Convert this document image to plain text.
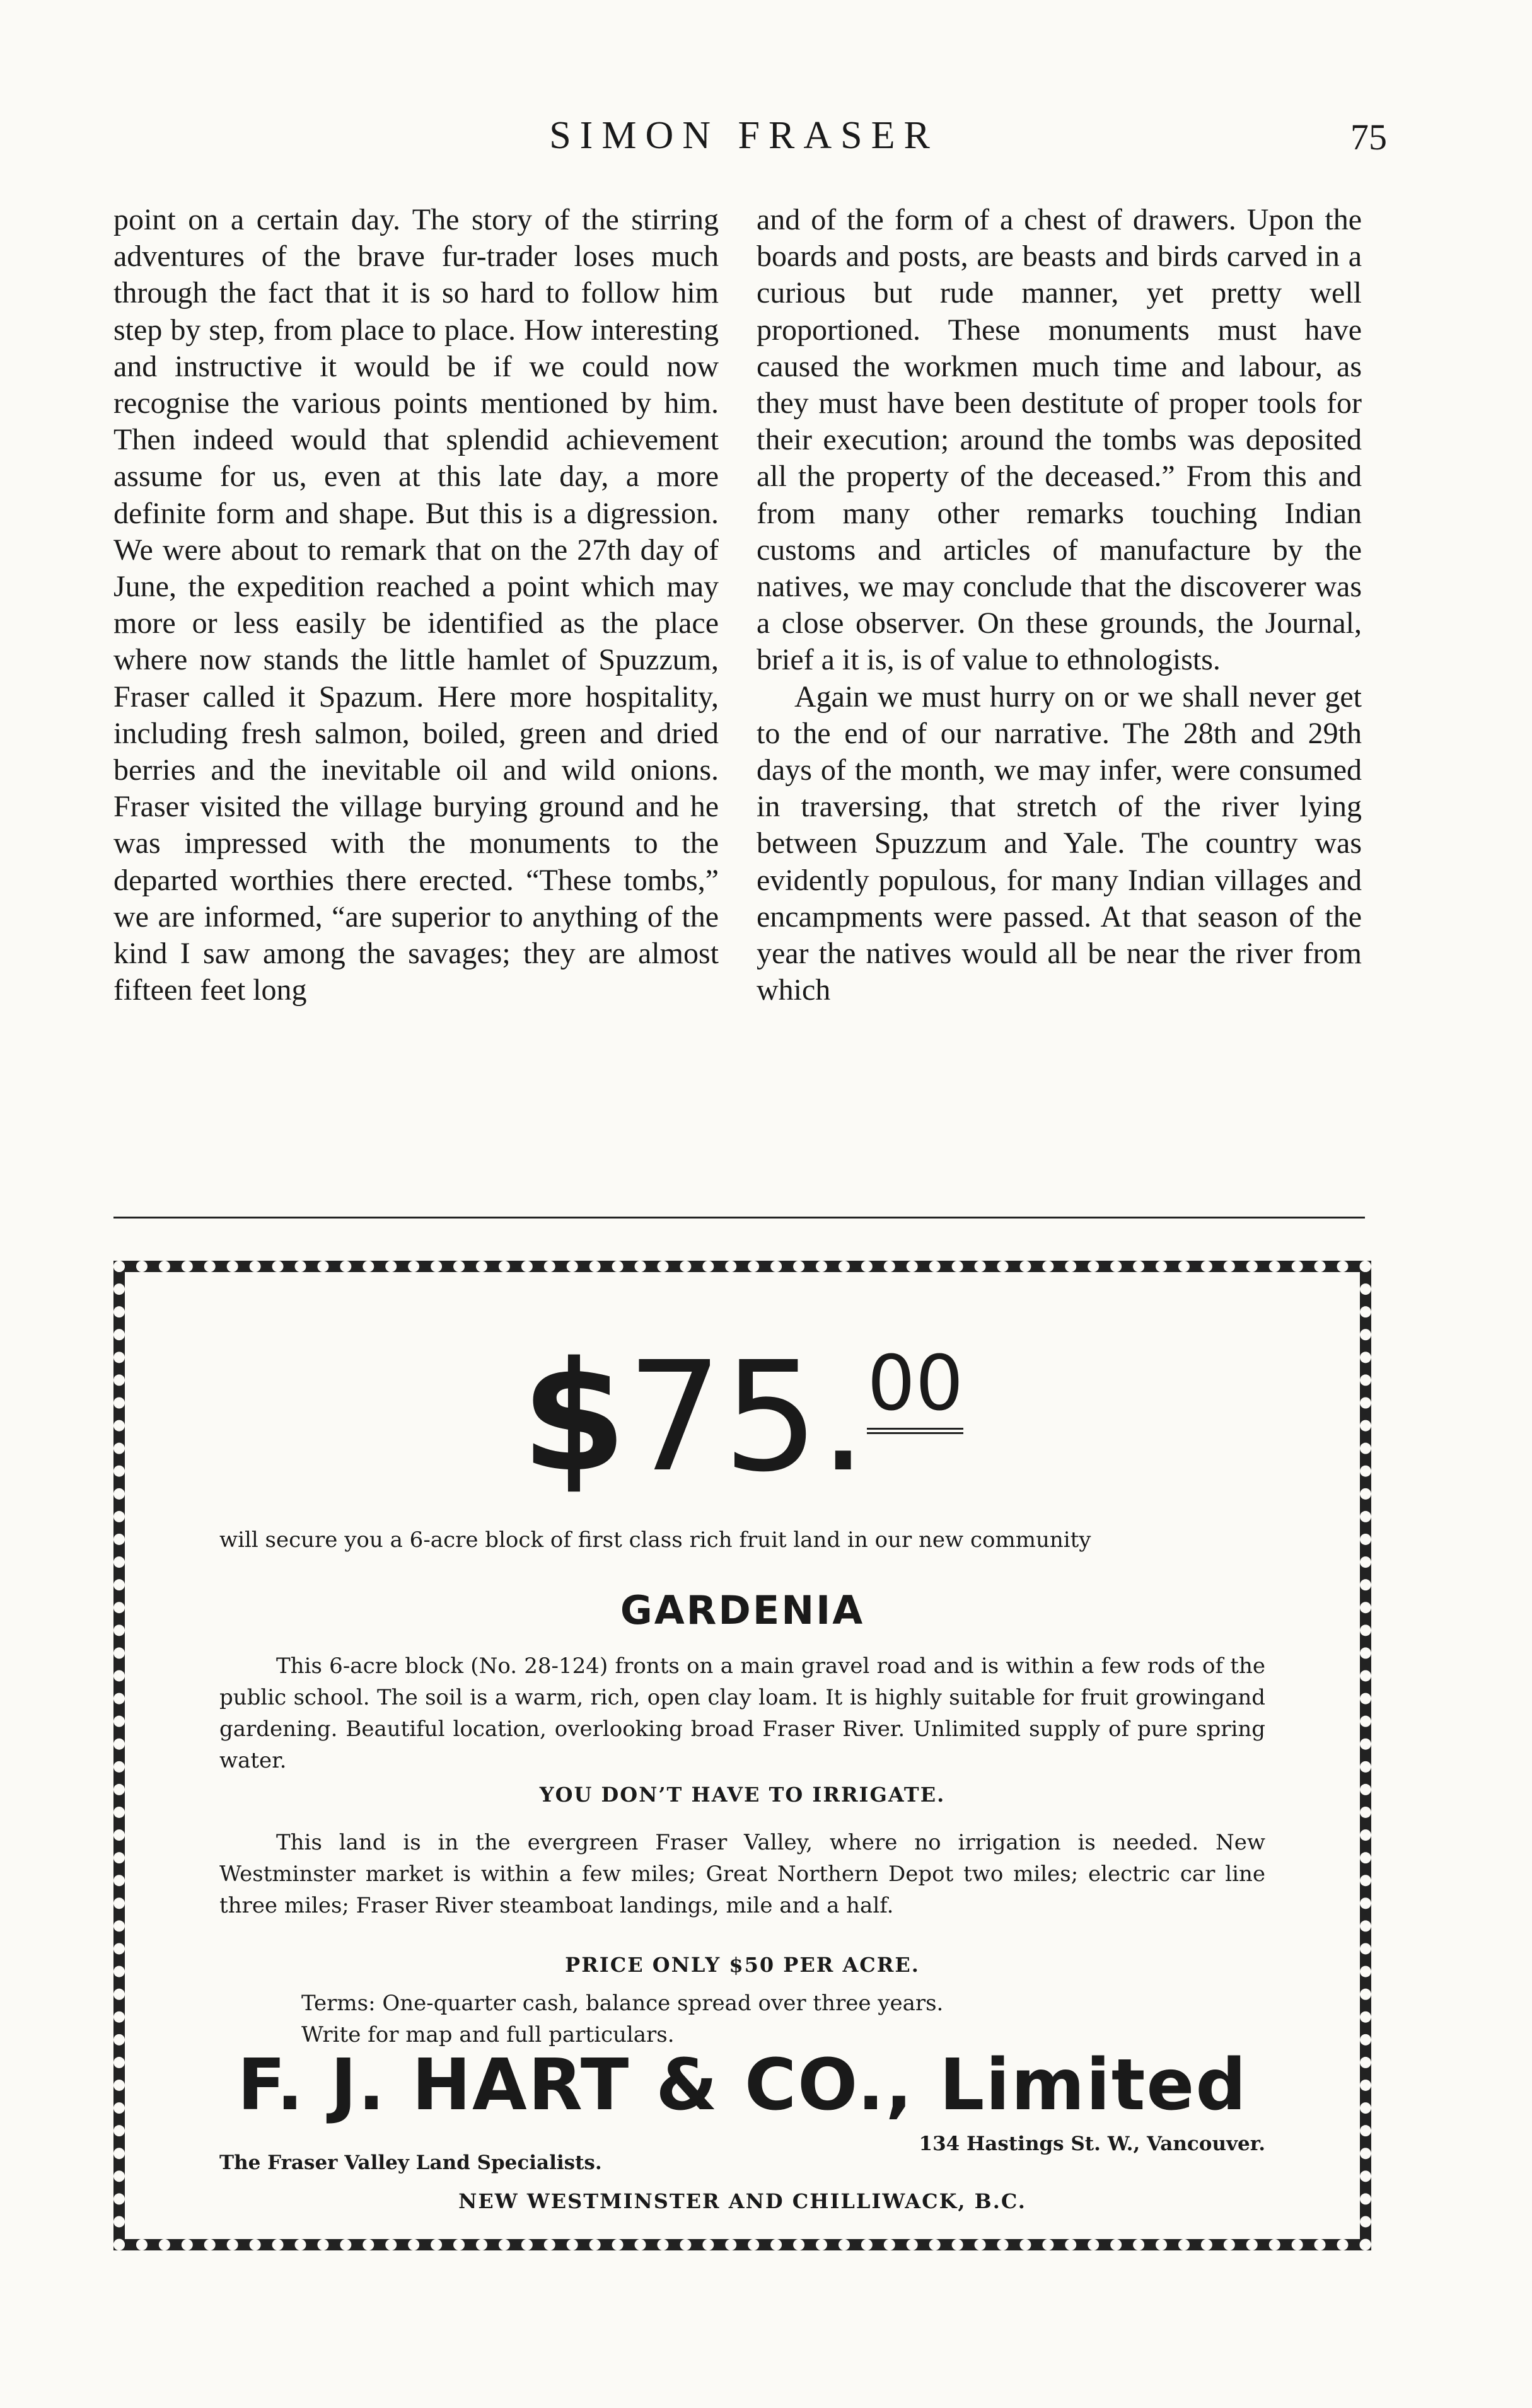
SIMON FRASER	75

point on a certain day. The story of the stirring adventures of the brave fur-trader loses much through the fact that it is so hard to follow him step by step, from place to place. How interesting and instructive it would be if we could now recognise the various points mentioned by him. Then indeed would that splendid achievement assume for us, even at this late day, a more definite form and shape. But this is a digression. We were about to remark that on the 27th day of June, the expedition reached a point which may more or less easily be identified as the place where now stands the little hamlet of Spuzzum, Fraser called it Spazum. Here more hospitality, including fresh salmon, boiled, green and dried berries and the inevitable oil and wild onions. Fraser visited the village burying ground and he was impressed with the monuments to the departed worthies there erected. “These tombs,” we are informed, “are superior to anything of the kind I saw among the savages; they are almost fifteen feet long

and of the form of a chest of drawers. Upon the boards and posts, are beasts and birds carved in a curious but rude manner, yet pretty well proportioned. These monuments must have caused the workmen much time and labour, as they must have been destitute of proper tools for their execution; around the tombs was deposited all the property of the deceased.” From this and from many other remarks touching Indian customs and articles of manufacture by the natives, we may conclude that the discoverer was a close observer. On these grounds, the Journal, brief a it is, is of value to ethnologists.

Again we must hurry on or we shall never get to the end of our narrative. The 28th and 29th days of the month, we may infer, were consumed in traversing, that stretch of the river lying between Spuzzum and Yale. The country was evidently populous, for many Indian villages and encampments were passed. At that season of the year the natives would all be near the river from which

$75.00

will secure you a 6-acre block of first class rich fruit land in our new community

GARDENIA

This 6-acre block (No. 28-124) fronts on a main gravel road and is within a few rods of the public school. The soil is a warm, rich, open clay loam. It is highly suitable for fruit growingand gardening. Beautiful location, overlooking broad Fraser River. Unlimited supply of pure spring water.

YOU DON’T HAVE TO IRRIGATE.

This land is in the evergreen Fraser Valley, where no irrigation is needed. New Westminster market is within a few miles; Great Northern Depot two miles; electric car line three miles; Fraser River steamboat landings, mile and a half.

PRICE ONLY $50 PER ACRE.

Terms: One-quarter cash, balance spread over three years.

Write for map and full particulars.

F. J. HART & CO., Limited
The Fraser Valley Land Specialists.
134 Hastings St. W., Vancouver.
NEW WESTMINSTER AND CHILLIWACK, B.C.
